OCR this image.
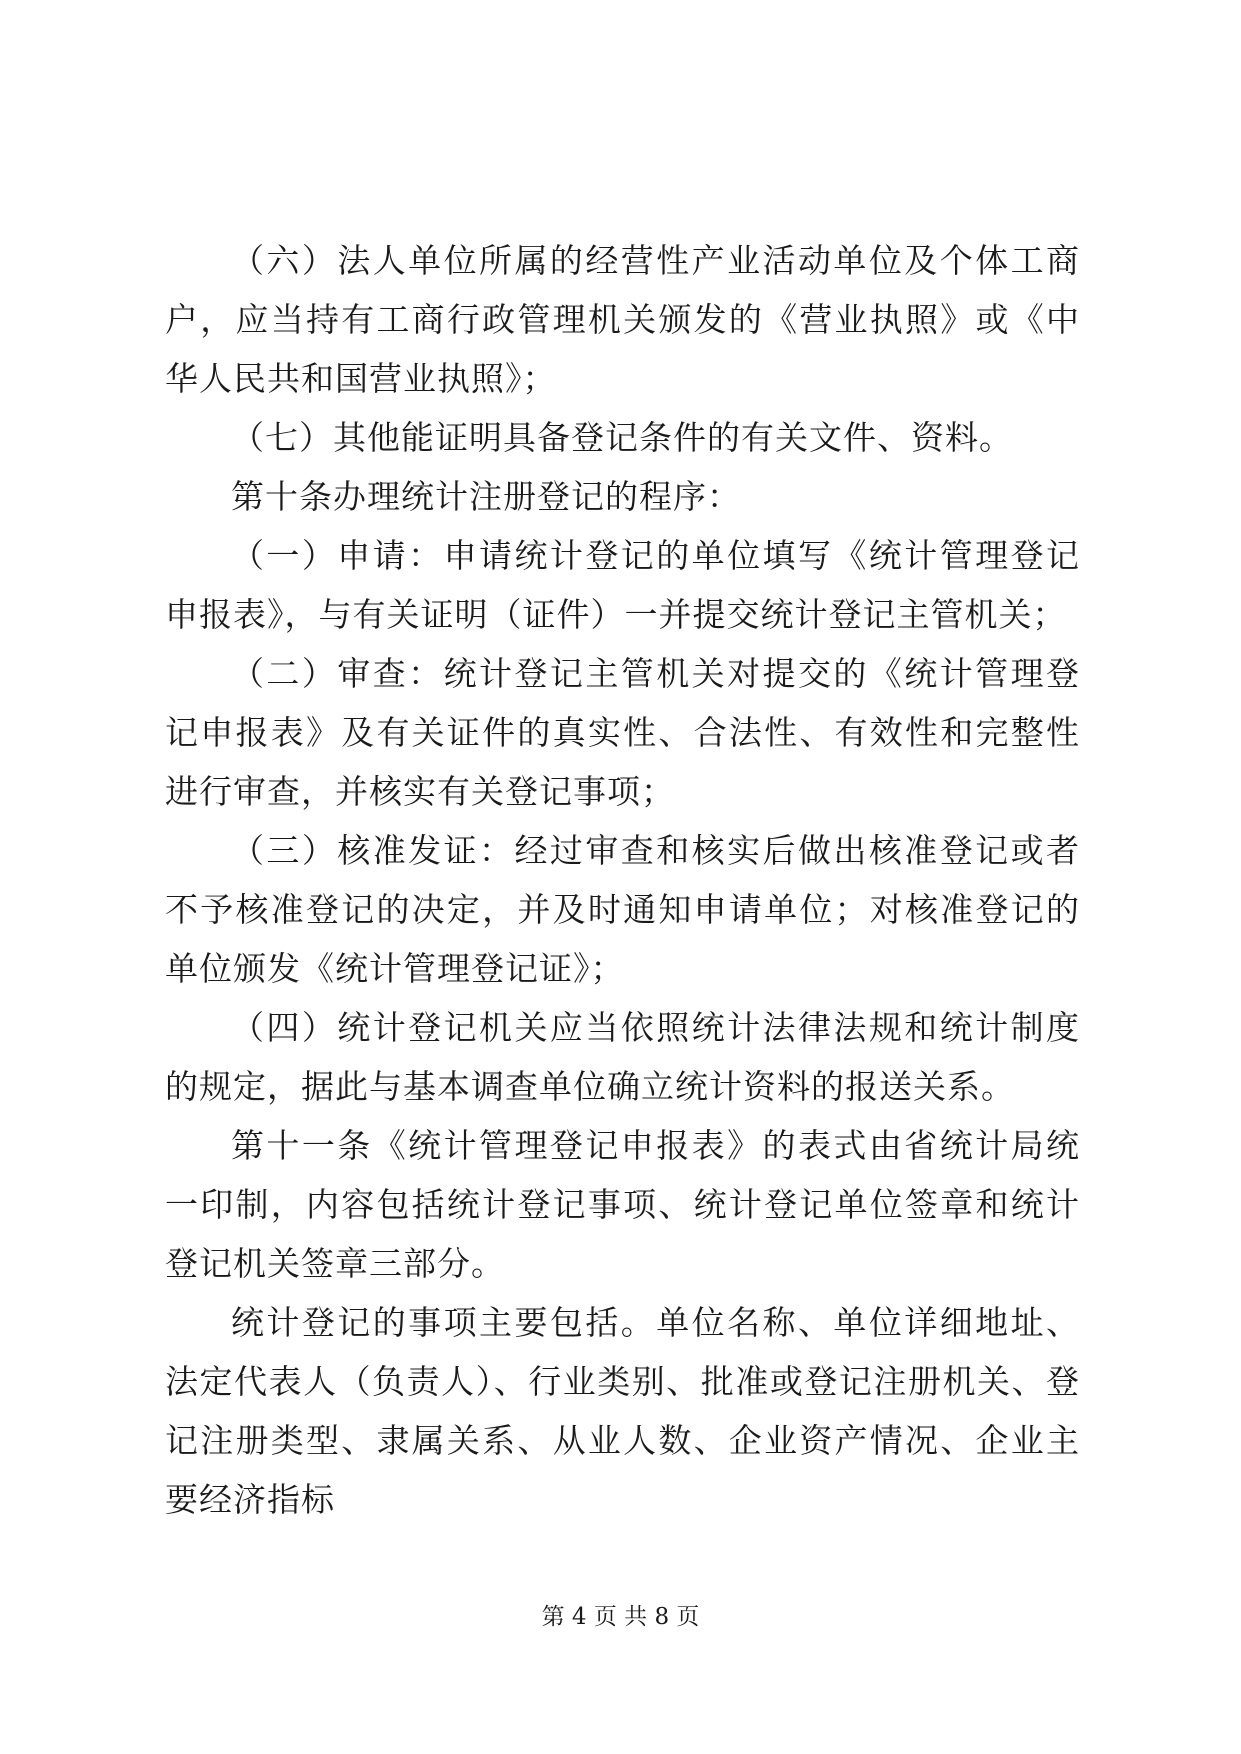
（六）法人单位所属的经营性产业活动单位及个体工商户，应当持有工商行政管理机关颁发的《营业执照》或《中华人民共和国营业执照》；

（七）其他能证明具备登记条件的有关文件、资料。

第十条办理统计注册登记的程序：

（一）申请：申请统计登记的单位填写《统计管理登记申报表》，与有关证明（证件）一并提交统计登记主管机关；

（二）审查：统计登记主管机关对提交的《统计管理登记申报表》及有关证件的真实性、合法性、有效性和完整性进行审查，并核实有关登记事项；

（三）核准发证：经过审查和核实后做出核准登记或者不予核准登记的决定，并及时通知申请单位；对核准登记的单位颁发《统计管理登记证》；

（四）统计登记机关应当依照统计法律法规和统计制度的规定，据此与基本调查单位确立统计资料的报送关系。

第十一条《统计管理登记申报表》的表式由省统计局统一印制，内容包括统计登记事项、统计登记单位签章和统计登记机关签章三部分。

统计登记的事项主要包括。单位名称、单位详细地址、法定代表人（负责人）、行业类别、批准或登记注册机关、登记注册类型、隶属关系、从业人数、企业资产情况、企业主要经济指标

第 4 页 共 8 页
